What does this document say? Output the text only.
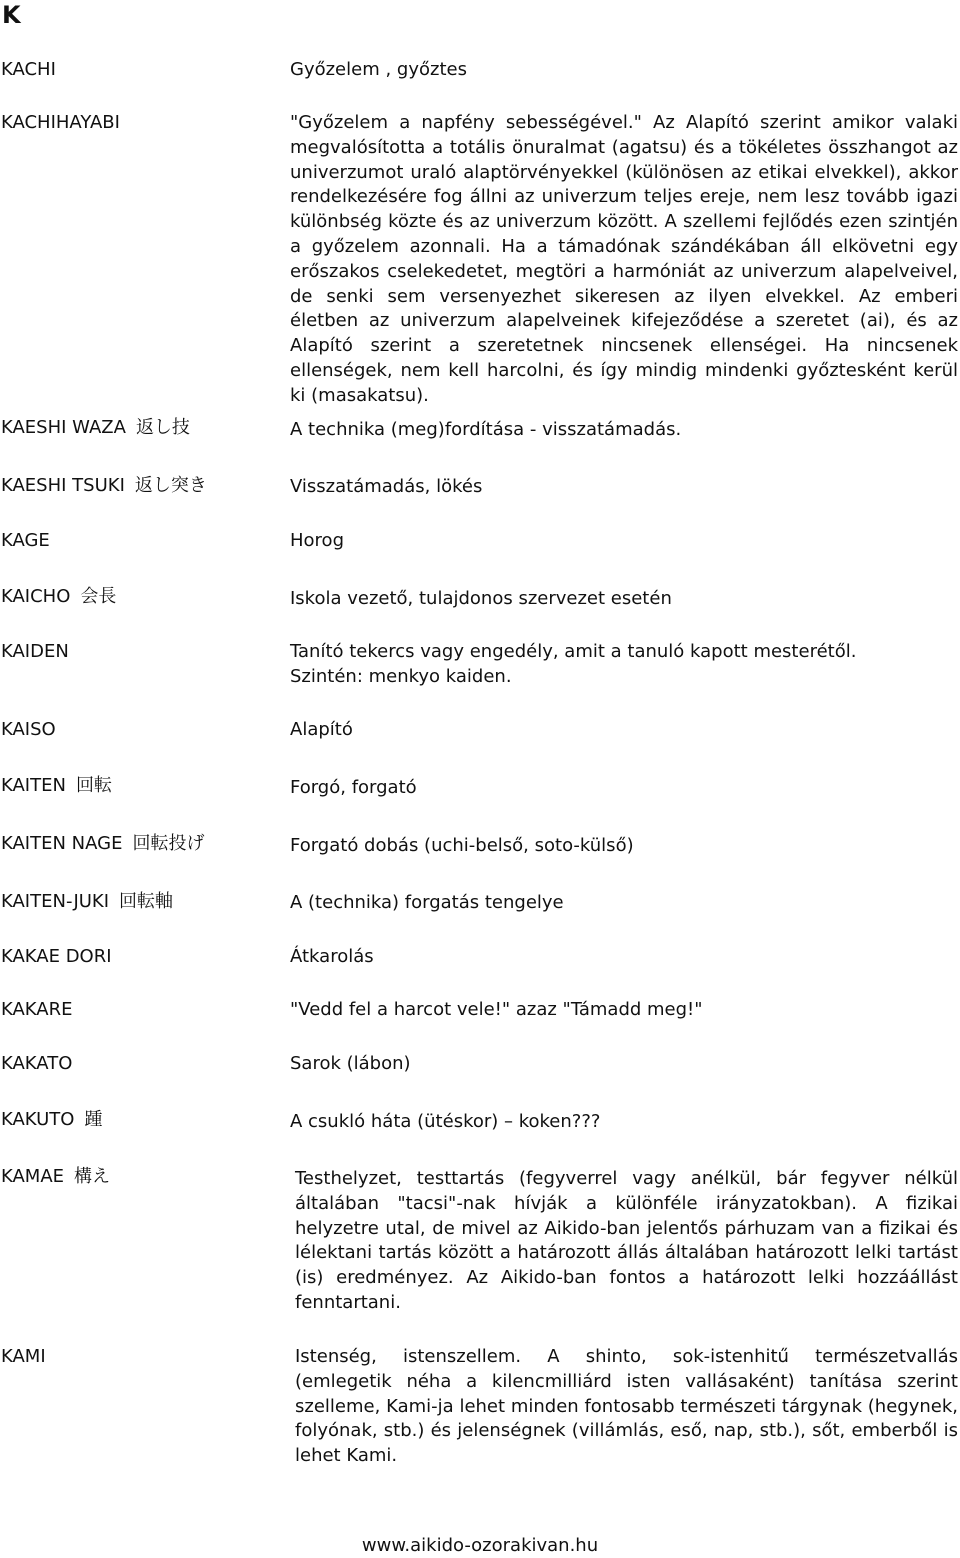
K
KACHI	Győzelem , győztes
KACHIHAYABI	"Győzelem a napfény sebességével." Az Alapító szerint amikor valaki megvalósította a totális önuralmat (agatsu) és a tökéletes összhangot az univerzumot uraló alaptörvényekkel (különösen az etikai elvekkel), akkor rendelkezésére fog állni az univerzum teljes ereje, nem lesz tovább igazi különbség közte és az univerzum között. A szellemi fejlődés ezen szintjén a győzelem azonnali. Ha a támadónak szándékában áll elkövetni egy erőszakos cselekedetet, megtöri a harmóniát az univerzum alapelveivel, de senki sem versenyezhet sikeresen az ilyen elvekkel. Az emberi életben az univerzum alapelveinek kifejeződése a szeretet (ai), és az Alapító szerint a szeretetnek nincsenek ellenségei. Ha nincsenek ellenségek, nem kell harcolni, és így mindig mindenki győztesként kerül ki (masakatsu).
KAESHI WAZA 返し技	A technika (meg)fordítása - visszatámadás.
KAESHI TSUKI 返し突き	Visszatámadás, lökés
KAGE	Horog
KAICHO 会長	Iskola vezető, tulajdonos szervezet esetén
KAIDEN	Tanító tekercs vagy engedély, amit a tanuló kapott mesterétől.
Szintén: menkyo kaiden.
KAISO	Alapító
KAITEN 回転	Forgó, forgató
KAITEN NAGE 回転投げ	Forgató dobás (uchi-belső, soto-külső)
KAITEN-JUKI 回転軸	A (technika) forgatás tengelye
KAKAE DORI	Átkarolás
KAKARE	"Vedd fel a harcot vele!" azaz "Támadd meg!"
KAKATO	Sarok (lábon)
KAKUTO 踵	A csukló háta (ütéskor) – koken???
KAMAE 構え	Testhelyzet, testtartás (fegyverrel vagy anélkül, bár fegyver nélkül általában "tacsi"-nak hívják a különféle irányzatokban). A fizikai helyzetre utal, de mivel az Aikido-ban jelentős párhuzam van a fizikai és lélektani tartás között a határozott állás általában határozott lelki tartást (is) eredményez. Az Aikido-ban fontos a határozott lelki hozzáállást fenntartani.
KAMI	Istenség, istenszellem. A shinto, sok-istenhitű természetvallás (emlegetik néha a kilencmilliárd isten vallásaként) tanítása szerint szelleme, Kami-ja lehet minden fontosabb természeti tárgynak (hegynek, folyónak, stb.) és jelenségnek (villámlás, eső, nap, stb.), sőt, emberből is lehet Kami.
www.aikido-ozorakivan.hu
